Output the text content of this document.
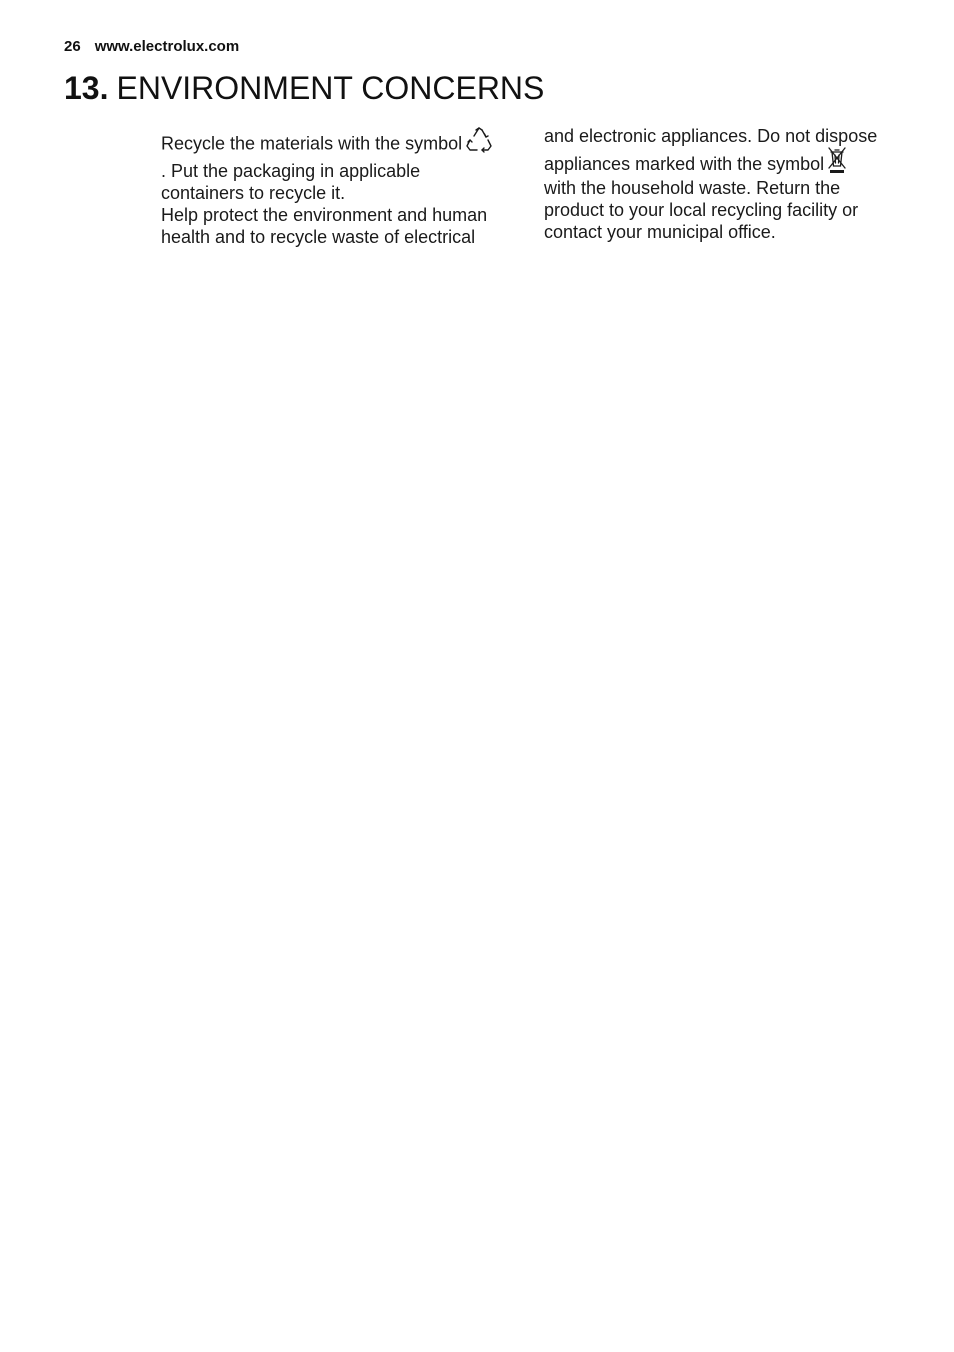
26 www.electrolux.com
13. ENVIRONMENT CONCERNS
Recycle the materials with the symbol
. Put the packaging in applicable
containers to recycle it.
Help protect the environment and human
health and to recycle waste of electrical
and electronic appliances. Do not dispose
appliances marked with the symbol
with the household waste. Return the
product to your local recycling facility or
contact your municipal office.
